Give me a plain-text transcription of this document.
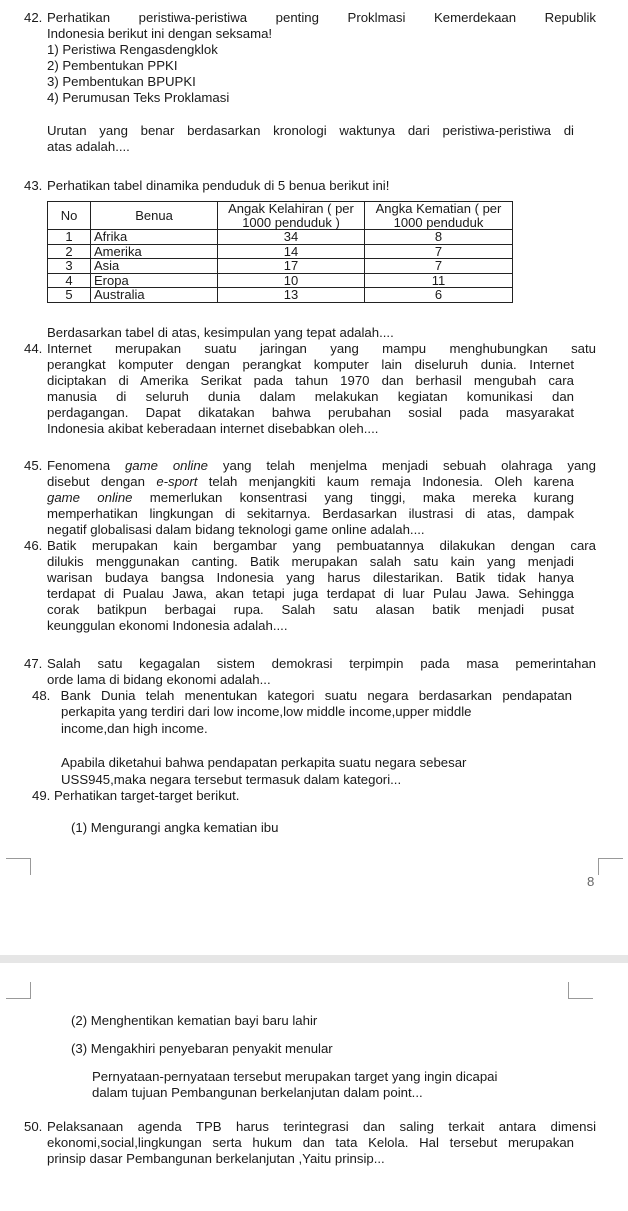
42. Perhatikan peristiwa-peristiwa penting Proklmasi Kemerdekaan Republik
Indonesia berikut ini dengan seksama!
1) Peristiwa Rengasdengklok
2) Pembentukan PPKI
3) Pembentukan BPUPKI
4) Perumusan Teks Proklamasi
Urutan yang benar berdasarkan kronologi waktunya dari peristiwa-peristiwa di
atas adalah....
43. Perhatikan tabel dinamika penduduk di 5 benua berikut ini!
No	Benua	Angak Kelahiran ( per 1000 penduduk )	Angka Kematian ( per 1000 penduduk
1	Afrika	34	8
2	Amerika	14	7
3	Asia	17	7
4	Eropa	10	11
5	Australia	13	6
Berdasarkan tabel di atas, kesimpulan yang tepat adalah....
44. Internet merupakan suatu jaringan yang mampu menghubungkan satu
perangkat komputer dengan perangkat komputer lain diseluruh dunia. Internet
diciptakan di Amerika Serikat pada tahun 1970 dan berhasil mengubah cara
manusia di seluruh dunia dalam melakukan kegiatan komunikasi dan
perdagangan. Dapat dikatakan bahwa perubahan sosial pada masyarakat
Indonesia akibat keberadaan internet disebabkan oleh....
45. Fenomena game online yang telah menjelma menjadi sebuah olahraga yang
disebut dengan e-sport telah menjangkiti kaum remaja Indonesia. Oleh karena
game online memerlukan konsentrasi yang tinggi, maka mereka kurang
memperhatikan lingkungan di sekitarnya. Berdasarkan ilustrasi di atas, dampak
negatif globalisasi dalam bidang teknologi game online adalah....
46. Batik merupakan kain bergambar yang pembuatannya dilakukan dengan cara
dilukis menggunakan canting. Batik merupakan salah satu kain yang menjadi
warisan budaya bangsa Indonesia yang harus dilestarikan. Batik tidak hanya
terdapat di Pualau Jawa, akan tetapi juga terdapat di luar Pulau Jawa. Sehingga
corak batikpun berbagai rupa. Salah satu alasan batik menjadi pusat
keunggulan ekonomi Indonesia adalah....
47. Salah satu kegagalan sistem demokrasi terpimpin pada masa pemerintahan
orde lama di bidang ekonomi adalah...
48. Bank Dunia telah menentukan kategori suatu negara berdasarkan pendapatan
perkapita yang terdiri dari low income,low middle income,upper middle
income,dan high income.
Apabila diketahui bahwa pendapatan perkapita suatu negara sebesar
USS945,maka negara tersebut termasuk dalam kategori...
49. Perhatikan target-target berikut.
(1) Mengurangi angka kematian ibu
8
(2) Menghentikan kematian bayi baru lahir
(3) Mengakhiri penyebaran penyakit menular
Pernyataan-pernyataan tersebut merupakan target yang ingin dicapai
dalam tujuan Pembangunan berkelanjutan dalam point...
50. Pelaksanaan agenda TPB harus terintegrasi dan saling terkait antara dimensi
ekonomi,social,lingkungan serta hukum dan tata Kelola. Hal tersebut merupakan
prinsip dasar Pembangunan berkelanjutan ,Yaitu prinsip...
